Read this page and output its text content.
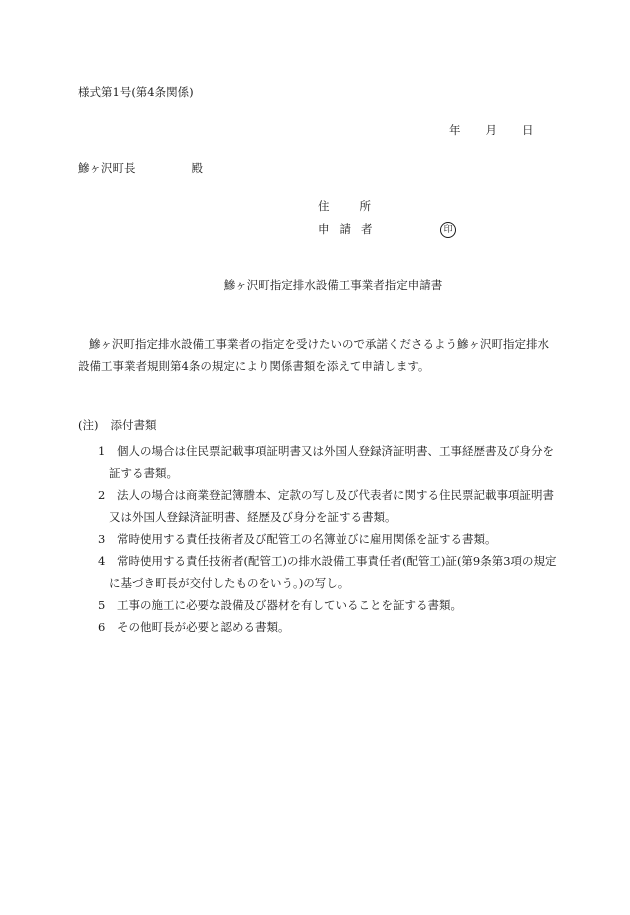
様式第1号(第4条関係)
年 月 日
鰺ヶ沢町長	殿
住	所
申 請 者	印
鰺ヶ沢町指定排水設備工事業者指定申請書
鰺ヶ沢町指定排水設備工事業者の指定を受けたいので承諾くださるよう鰺ヶ沢町指定排水設備工事業者規則第4条の規定により関係書類を添えて申請します。
(注) 添付書類
1 個人の場合は住民票記載事項証明書又は外国人登録済証明書、工事経歴書及び身分を証する書類。
2 法人の場合は商業登記簿謄本、定款の写し及び代表者に関する住民票記載事項証明書又は外国人登録済証明書、経歴及び身分を証する書類。
3 常時使用する責任技術者及び配管工の名簿並びに雇用関係を証する書類。
4 常時使用する責任技術者(配管工)の排水設備工事責任者(配管工)証(第9条第3項の規定に基づき町長が交付したものをいう。)の写し。
5 工事の施工に必要な設備及び器材を有していることを証する書類。
6 その他町長が必要と認める書類。
